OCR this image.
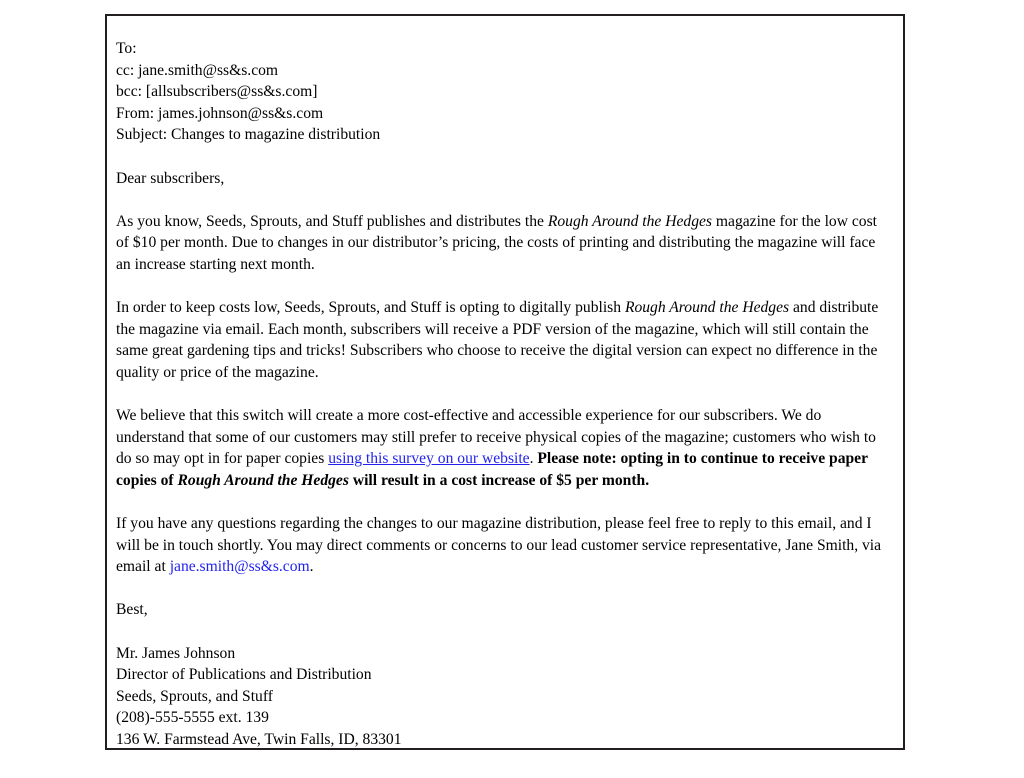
To:
cc: jane.smith@ss&s.com
bcc: [allsubscribers@ss&s.com]
From: james.johnson@ss&s.com
Subject: Changes to magazine distribution
Dear subscribers,
As you know, Seeds, Sprouts, and Stuff publishes and distributes the Rough Around the Hedges magazine for the low cost of $10 per month. Due to changes in our distributor’s pricing, the costs of printing and distributing the magazine will face an increase starting next month.
In order to keep costs low, Seeds, Sprouts, and Stuff is opting to digitally publish Rough Around the Hedges and distribute the magazine via email. Each month, subscribers will receive a PDF version of the magazine, which will still contain the same great gardening tips and tricks! Subscribers who choose to receive the digital version can expect no difference in the quality or price of the magazine.
We believe that this switch will create a more cost-effective and accessible experience for our subscribers. We do understand that some of our customers may still prefer to receive physical copies of the magazine; customers who wish to do so may opt in for paper copies using this survey on our website. Please note: opting in to continue to receive paper copies of Rough Around the Hedges will result in a cost increase of $5 per month.
If you have any questions regarding the changes to our magazine distribution, please feel free to reply to this email, and I will be in touch shortly. You may direct comments or concerns to our lead customer service representative, Jane Smith, via email at jane.smith@ss&s.com.
Best,
Mr. James Johnson
Director of Publications and Distribution
Seeds, Sprouts, and Stuff
(208)-555-5555 ext. 139
136 W. Farmstead Ave, Twin Falls, ID, 83301
